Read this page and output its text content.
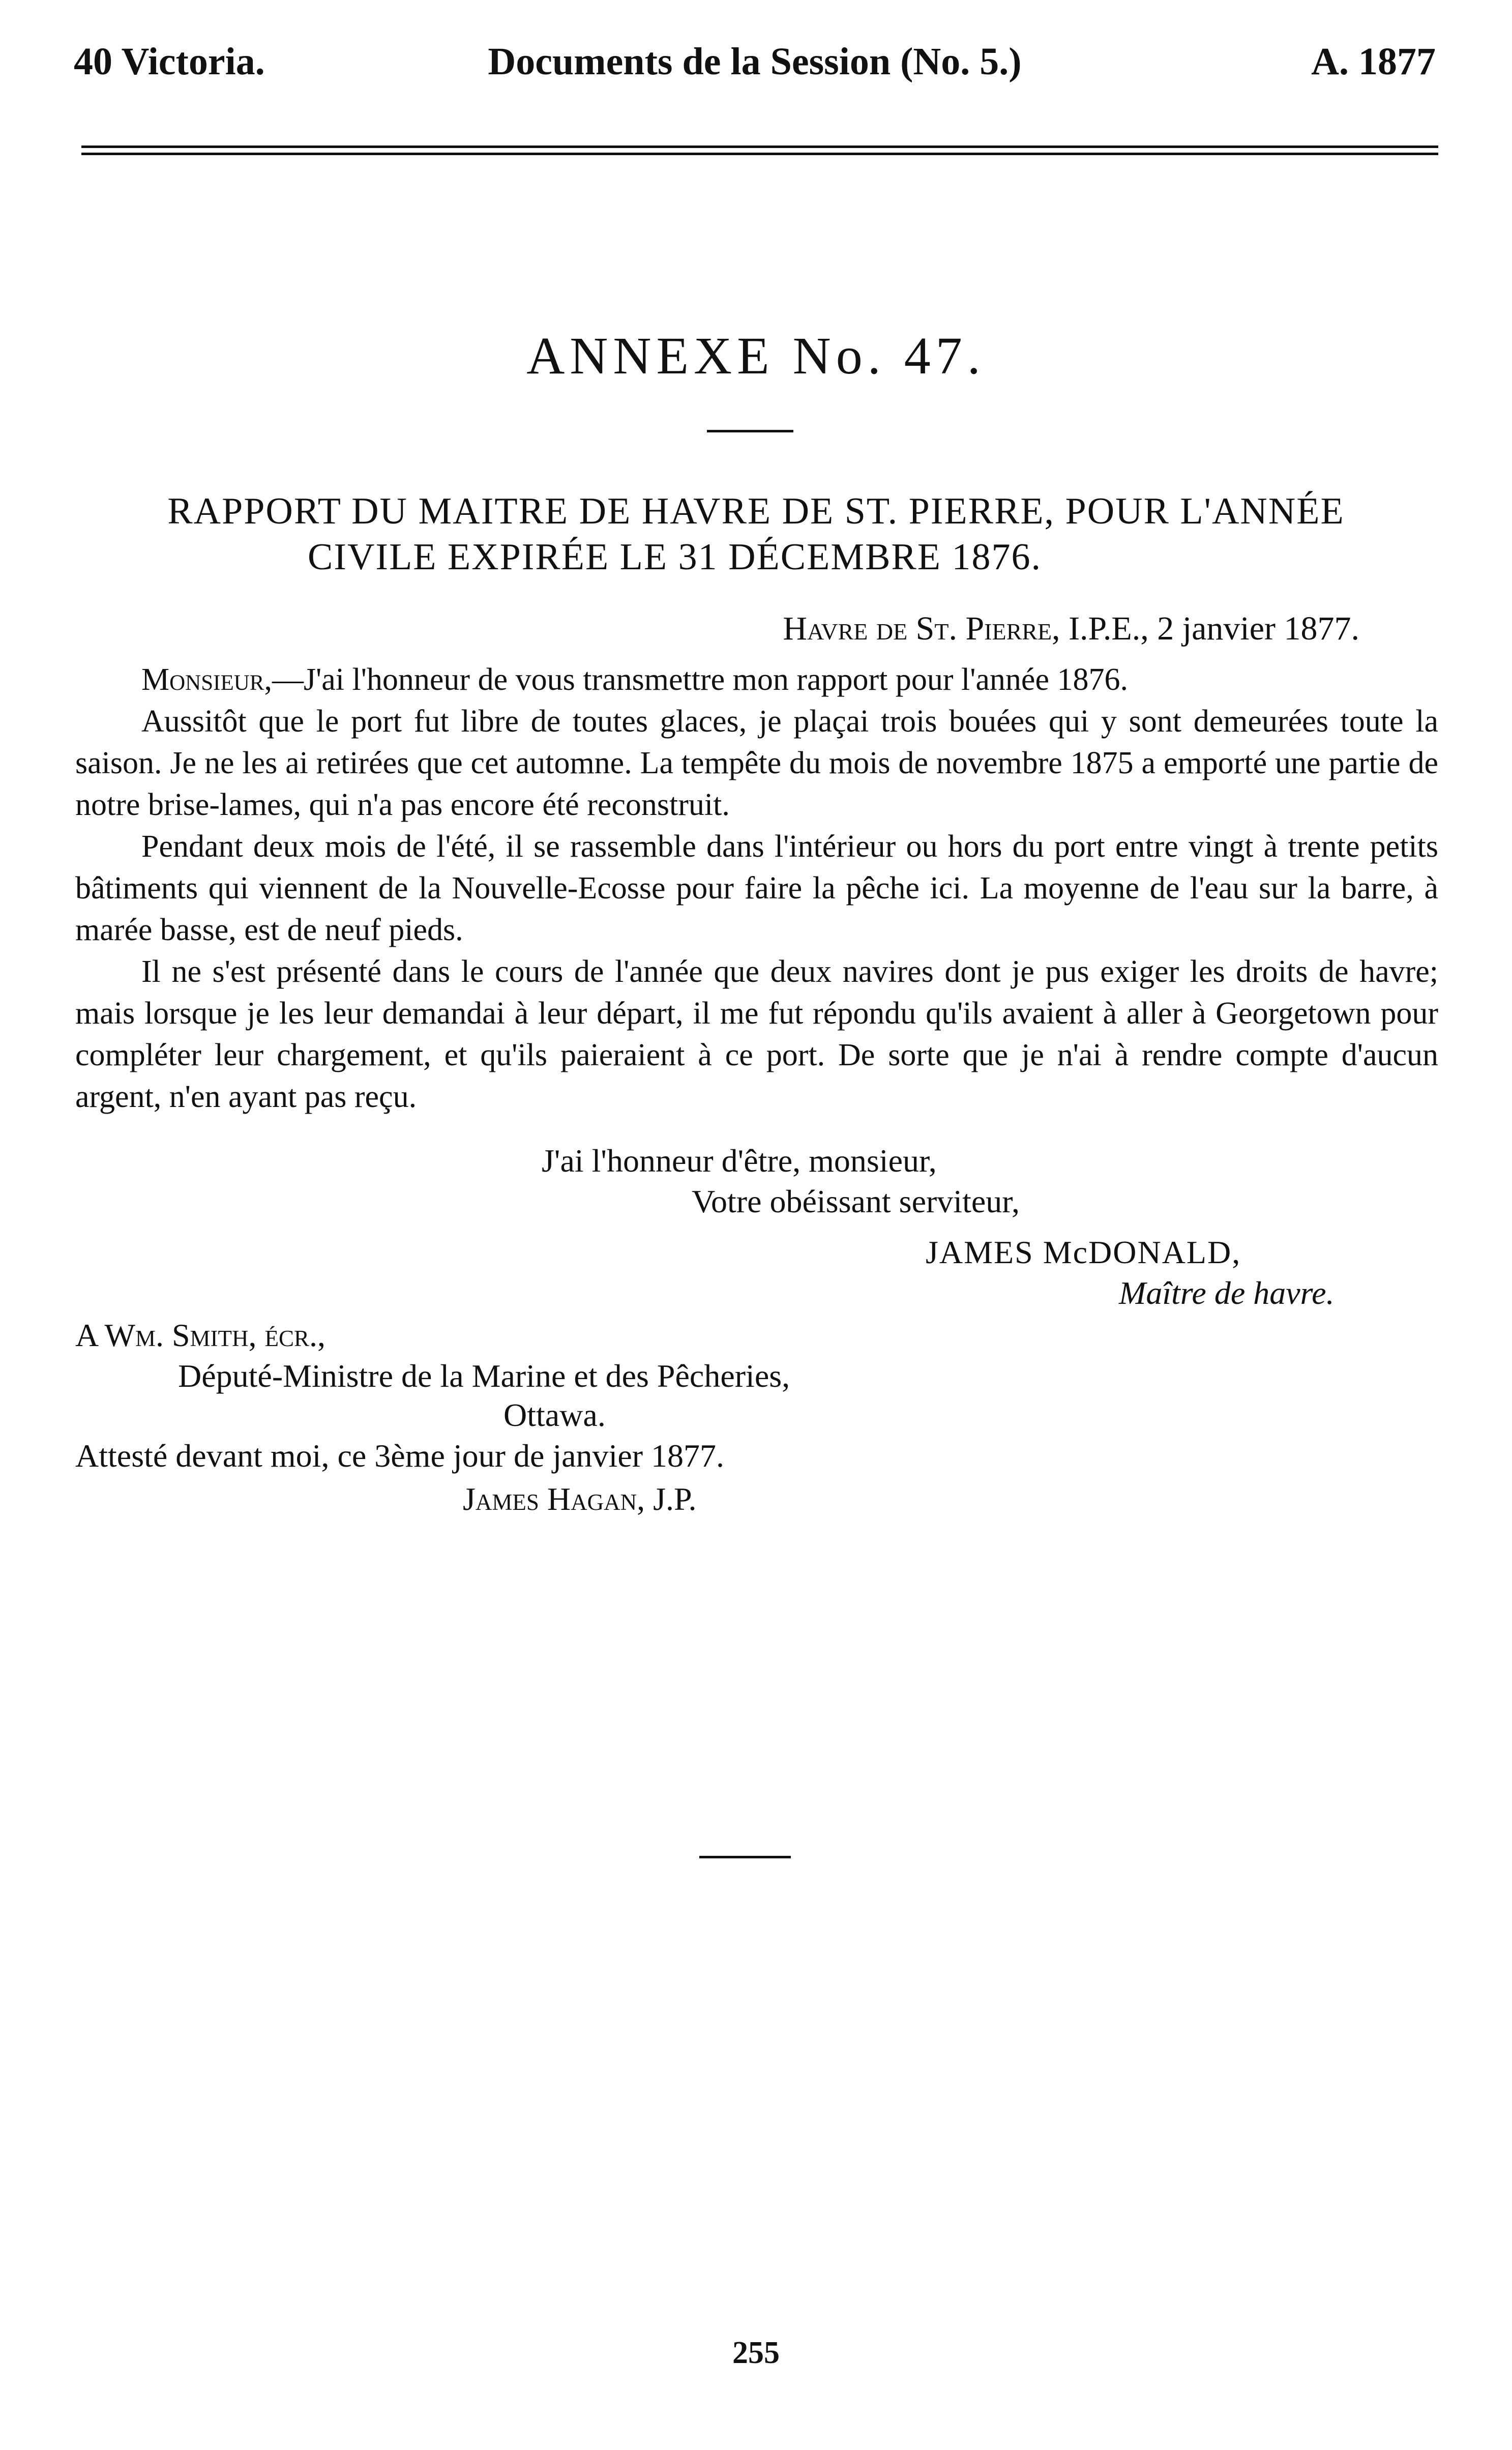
40 Victoria.	Documents de la Session (No. 5.)	A. 1877
ANNEXE No. 47.
RAPPORT DU MAITRE DE HAVRE DE ST. PIERRE, POUR L'ANNÉE

CIVILE EXPIRÉE LE 31 DÉCEMBRE 1876.
Havre de St. Pierre, I.P.E., 2 janvier 1877.

Monsieur,—J'ai l'honneur de vous transmettre mon rapport pour l'année 1876.

Aussitôt que le port fut libre de toutes glaces, je plaçai trois bouées qui y sont demeurées toute la saison. Je ne les ai retirées que cet automne. La tempête du mois de novembre 1875 a emporté une partie de notre brise-lames, qui n'a pas encore été reconstruit.

Pendant deux mois de l'été, il se rassemble dans l'intérieur ou hors du port entre vingt à trente petits bâtiments qui viennent de la Nouvelle-Ecosse pour faire la pêche ici. La moyenne de l'eau sur la barre, à marée basse, est de neuf pieds.

Il ne s'est présenté dans le cours de l'année que deux navires dont je pus exiger les droits de havre; mais lorsque je les leur demandai à leur départ, il me fut répondu qu'ils avaient à aller à Georgetown pour compléter leur chargement, et qu'ils paieraient à ce port. De sorte que je n'ai à rendre compte d'aucun argent, n'en ayant pas reçu.

J'ai l'honneur d'être, monsieur,
Votre obéissant serviteur,
JAMES McDONALD,
Maître de havre.
A Wm. Smith, écr.,
Député-Ministre de la Marine et des Pêcheries,
Ottawa.
Attesté devant moi, ce 3ème jour de janvier 1877.
James Hagan, J.P.
255
